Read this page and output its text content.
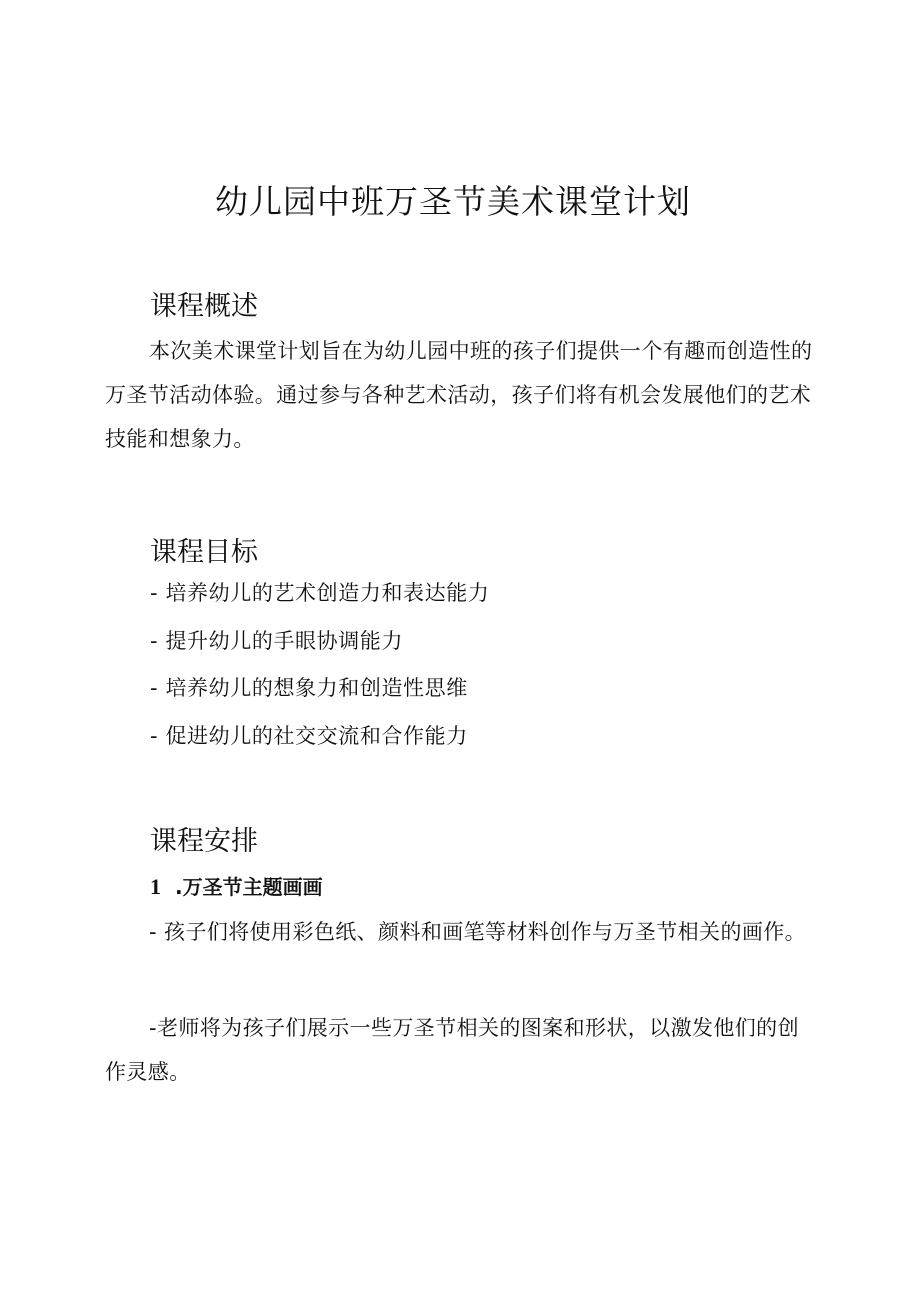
幼儿园中班万圣节美术课堂计划
课程概述

本次美术课堂计划旨在为幼儿园中班的孩子们提供一个有趣而创造性的万圣节活动体验。通过参与各种艺术活动，孩子们将有机会发展他们的艺术技能和想象力。

课程目标

- 培养幼儿的艺术创造力和表达能力

- 提升幼儿的手眼协调能力

- 培养幼儿的想象力和创造性思维

- 促进幼儿的社交交流和合作能力

课程安排

1 .万圣节主题画画

- 孩子们将使用彩色纸、颜料和画笔等材料创作与万圣节相关的画作。

-老师将为孩子们展示一些万圣节相关的图案和形状，以激发他们的创作灵感。
